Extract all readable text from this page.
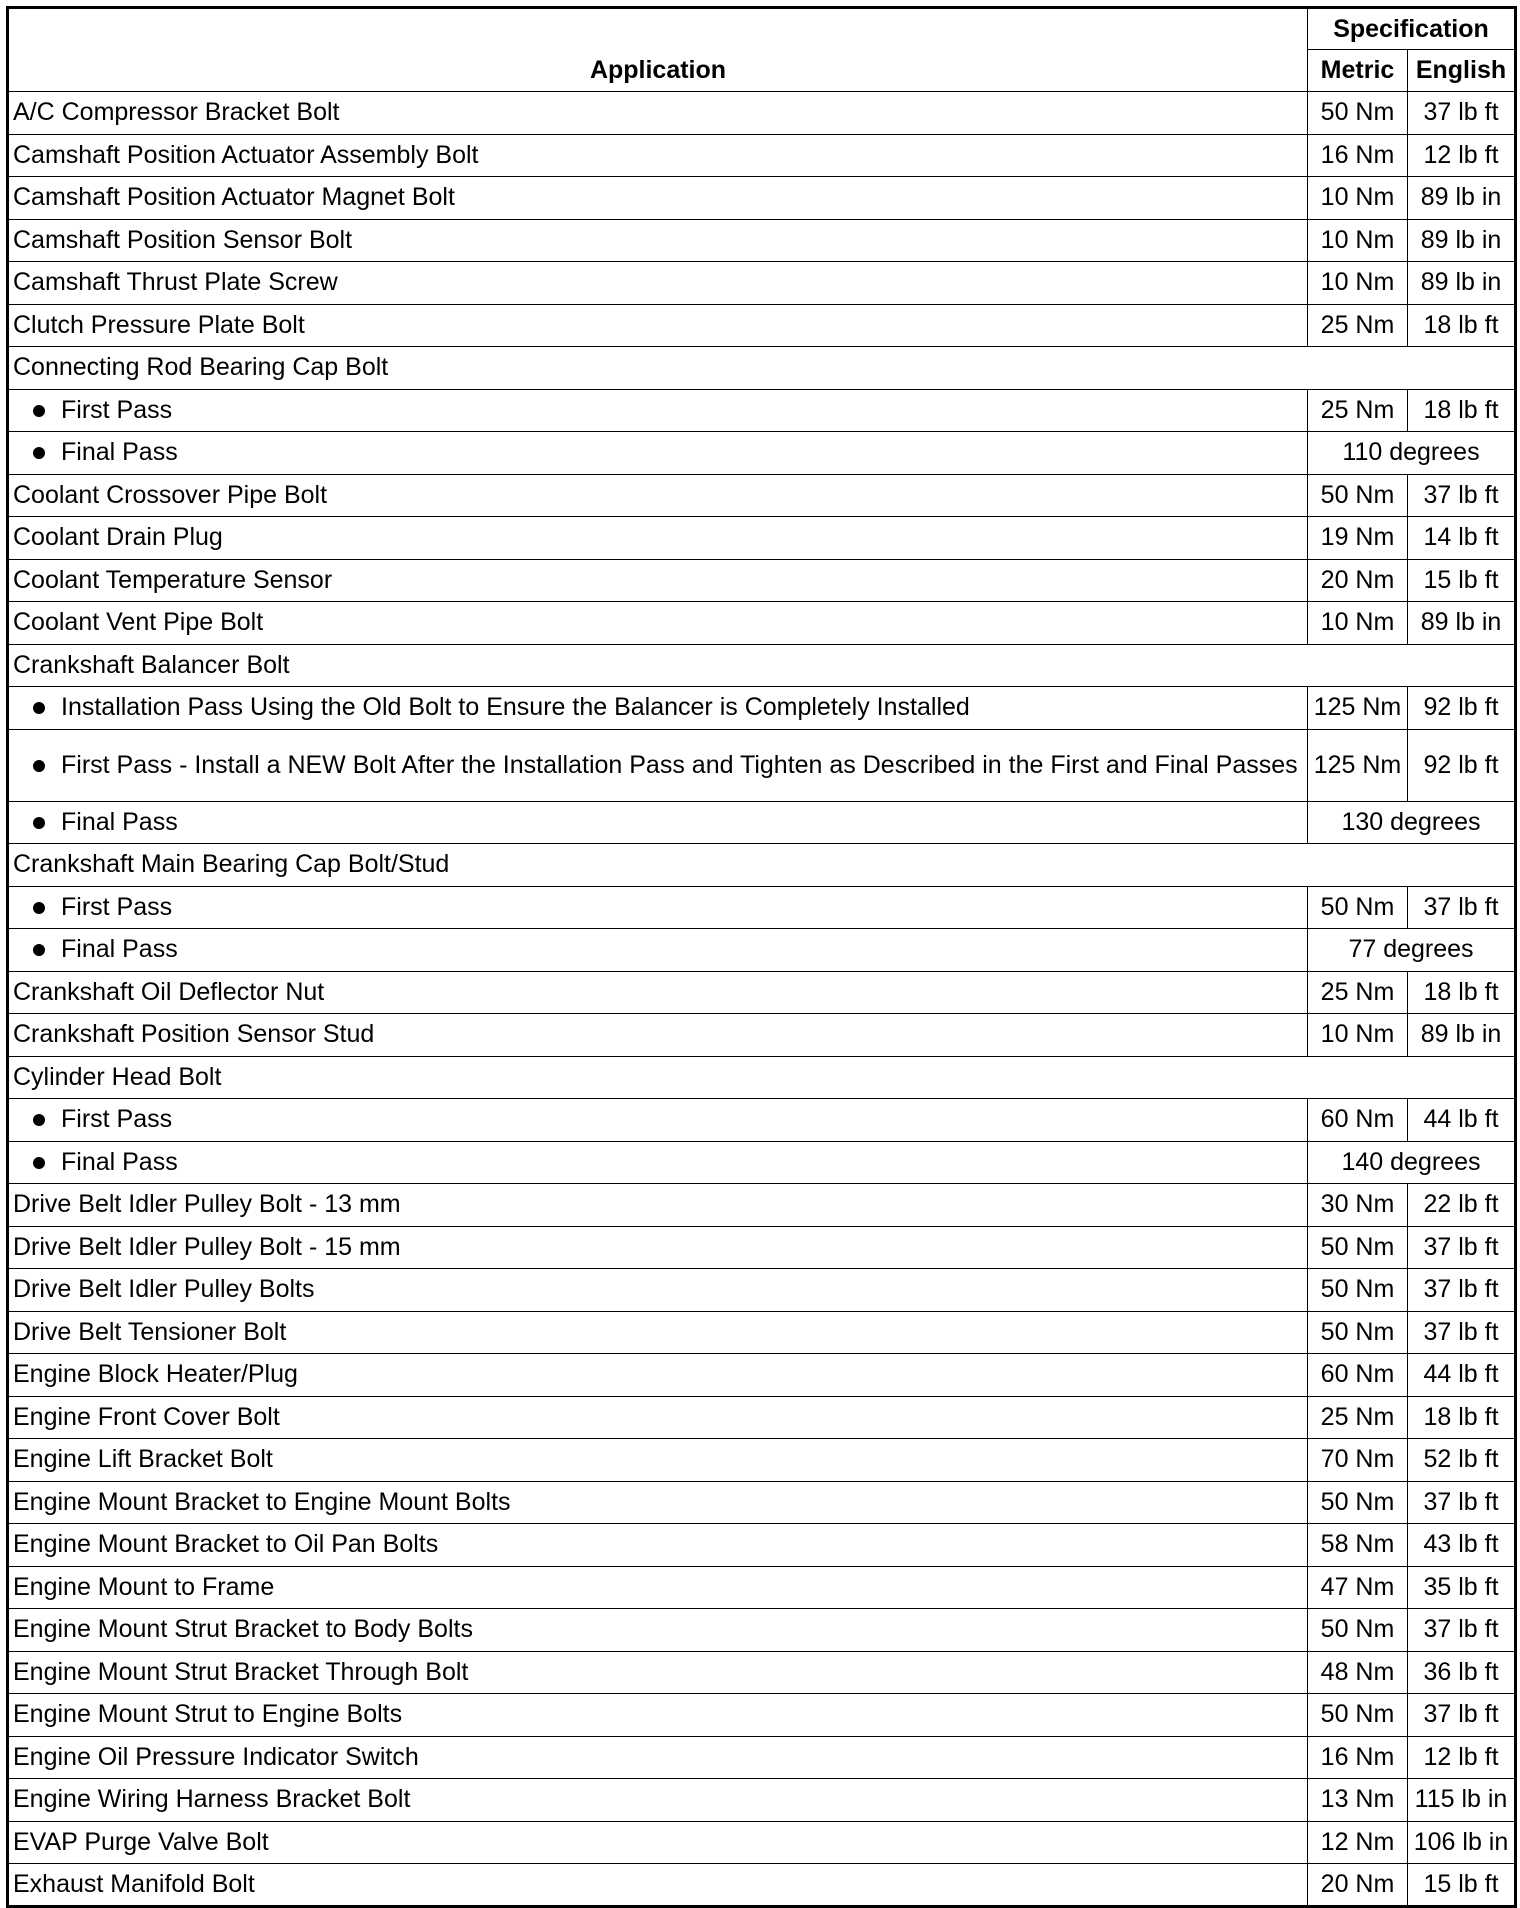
Application	Specification	
	Metric	English
A/C Compressor Bracket Bolt	50 Nm	37 lb ft
Camshaft Position Actuator Assembly Bolt	16 Nm	12 lb ft
Camshaft Position Actuator Magnet Bolt	10 Nm	89 lb in
Camshaft Position Sensor Bolt	10 Nm	89 lb in
Camshaft Thrust Plate Screw	10 Nm	89 lb in
Clutch Pressure Plate Bolt	25 Nm	18 lb ft
Connecting Rod Bearing Cap Bolt		

First Pass	25 Nm	18 lb ft

Final Pass	110 degrees	
Coolant Crossover Pipe Bolt	50 Nm	37 lb ft
Coolant Drain Plug	19 Nm	14 lb ft
Coolant Temperature Sensor	20 Nm	15 lb ft
Coolant Vent Pipe Bolt	10 Nm	89 lb in
Crankshaft Balancer Bolt		

Installation Pass Using the Old Bolt to Ensure the Balancer is Completely Installed	125 Nm	92 lb ft

First Pass - Install a NEW Bolt After the Installation Pass and Tighten as Described in the First and Final Passes	125 Nm	92 lb ft

Final Pass	130 degrees	
Crankshaft Main Bearing Cap Bolt/Stud		

First Pass	50 Nm	37 lb ft

Final Pass	77 degrees	
Crankshaft Oil Deflector Nut	25 Nm	18 lb ft
Crankshaft Position Sensor Stud	10 Nm	89 lb in
Cylinder Head Bolt		

First Pass	60 Nm	44 lb ft

Final Pass	140 degrees	
Drive Belt Idler Pulley Bolt - 13 mm	30 Nm	22 lb ft
Drive Belt Idler Pulley Bolt - 15 mm	50 Nm	37 lb ft
Drive Belt Idler Pulley Bolts	50 Nm	37 lb ft
Drive Belt Tensioner Bolt	50 Nm	37 lb ft
Engine Block Heater/Plug	60 Nm	44 lb ft
Engine Front Cover Bolt	25 Nm	18 lb ft
Engine Lift Bracket Bolt	70 Nm	52 lb ft
Engine Mount Bracket to Engine Mount Bolts	50 Nm	37 lb ft
Engine Mount Bracket to Oil Pan Bolts	58 Nm	43 lb ft
Engine Mount to Frame	47 Nm	35 lb ft
Engine Mount Strut Bracket to Body Bolts	50 Nm	37 lb ft
Engine Mount Strut Bracket Through Bolt	48 Nm	36 lb ft
Engine Mount Strut to Engine Bolts	50 Nm	37 lb ft
Engine Oil Pressure Indicator Switch	16 Nm	12 lb ft
Engine Wiring Harness Bracket Bolt	13 Nm	115 lb in
EVAP Purge Valve Bolt	12 Nm	106 lb in
Exhaust Manifold Bolt	20 Nm	15 lb ft
